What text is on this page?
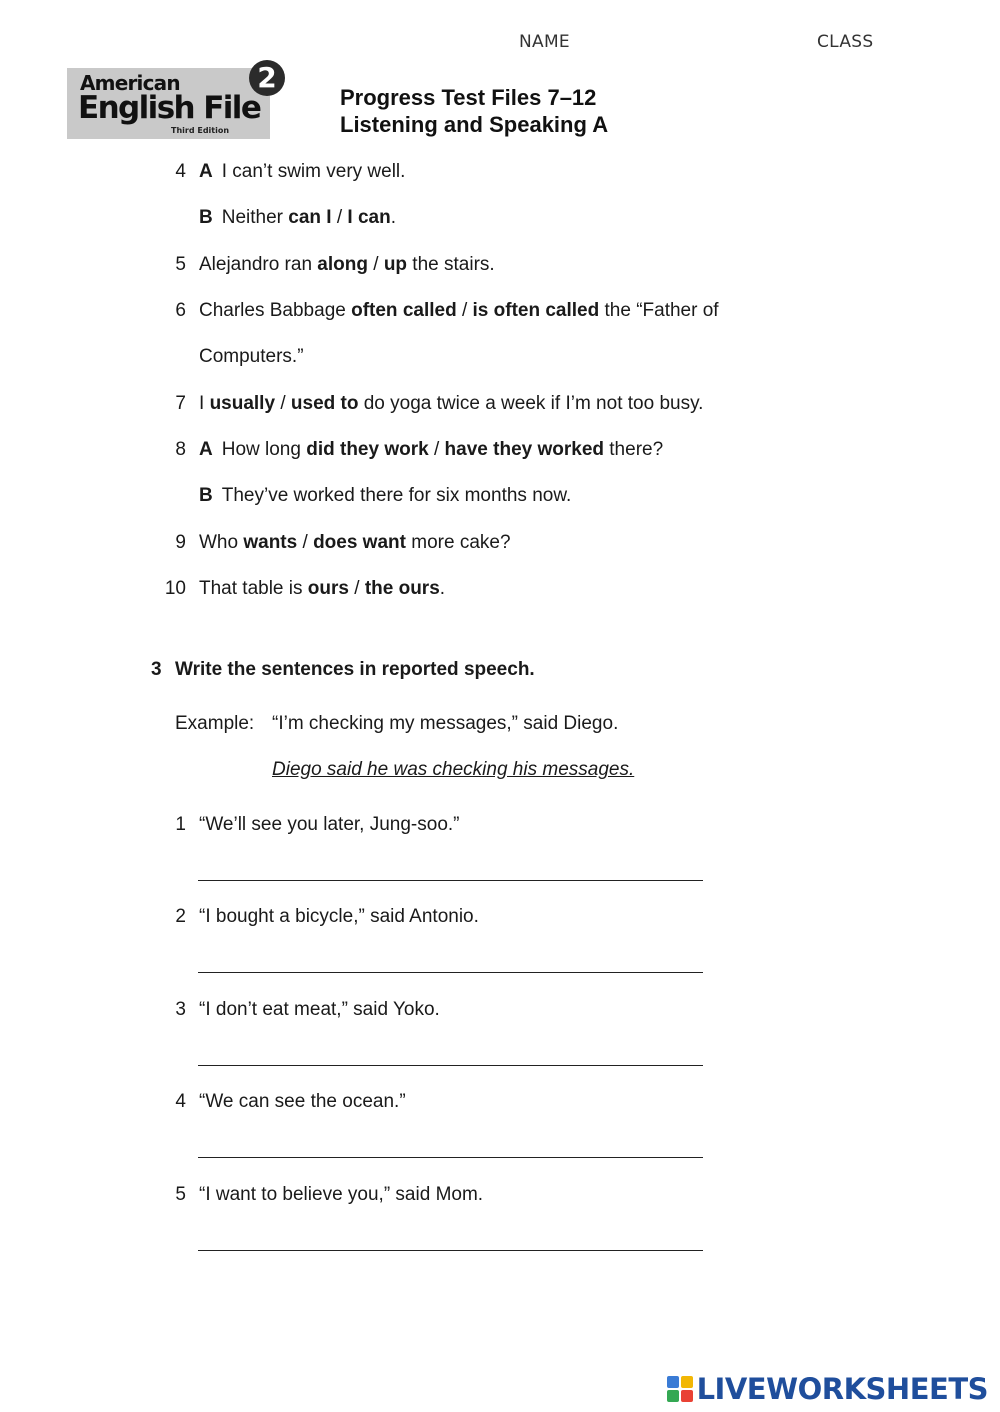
NAME	CLASS
American
English File
Third Edition
2
Progress Test Files 7–12
Listening and Speaking A
4 A I can’t swim very well.
B Neither can I / I can.
5 Alejandro ran along / up the stairs.
6 Charles Babbage often called / is often called the “Father of
Computers.”
7 I usually / used to do yoga twice a week if I’m not too busy.
8 A How long did they work / have they worked there?
B They’ve worked there for six months now.
9 Who wants / does want more cake?
10 That table is ours / the ours.
3 Write the sentences in reported speech.
Example: “I’m checking my messages,” said Diego.
Diego said he was checking his messages.
1 “We’ll see you later, Jung-soo.”
2 “I bought a bicycle,” said Antonio.
3 “I don’t eat meat,” said Yoko.
4 “We can see the ocean.”
5 “I want to believe you,” said Mom.
LIVEWORKSHEETS
